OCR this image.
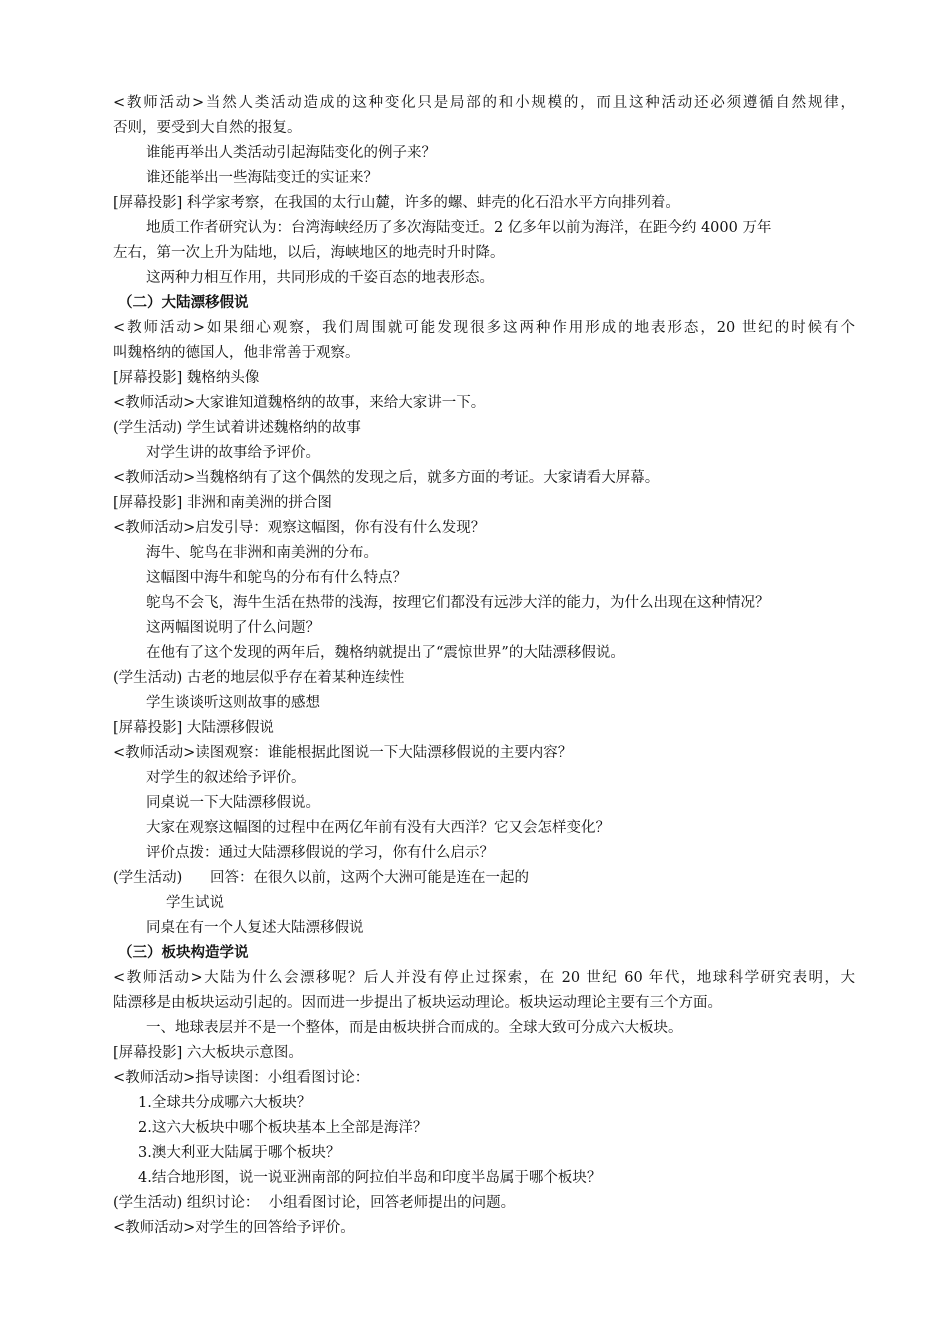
<教师活动>当然人类活动造成的这种变化只是局部的和小规模的，而且这种活动还必须遵循自然规律，
否则，要受到大自然的报复。
谁能再举出人类活动引起海陆变化的例子来？
谁还能举出一些海陆变迁的实证来？
[屏幕投影] 科学家考察，在我国的太行山麓，许多的螺、蚌壳的化石沿水平方向排列着。
地质工作者研究认为：台湾海峡经历了多次海陆变迁。2 亿多年以前为海洋，在距今约 4000 万年
左右，第一次上升为陆地，以后，海峡地区的地壳时升时降。
这两种力相互作用，共同形成的千姿百态的地表形态。
（二）大陆漂移假说
<教师活动>如果细心观察，我们周围就可能发现很多这两种作用形成的地表形态，20 世纪的时候有个
叫魏格纳的德国人，他非常善于观察。
[屏幕投影] 魏格纳头像
<教师活动>大家谁知道魏格纳的故事，来给大家讲一下。
(学生活动) 学生试着讲述魏格纳的故事
对学生讲的故事给予评价。
<教师活动>当魏格纳有了这个偶然的发现之后，就多方面的考证。大家请看大屏幕。
[屏幕投影] 非洲和南美洲的拼合图
<教师活动>启发引导：观察这幅图，你有没有什么发现？
海牛、鸵鸟在非洲和南美洲的分布。
这幅图中海牛和鸵鸟的分布有什么特点？
鸵鸟不会飞，海牛生活在热带的浅海，按理它们都没有远涉大洋的能力，为什么出现在这种情况？
这两幅图说明了什么问题？
在他有了这个发现的两年后，魏格纳就提出了“震惊世界”的大陆漂移假说。
(学生活动) 古老的地层似乎存在着某种连续性
学生谈谈听这则故事的感想
[屏幕投影] 大陆漂移假说
<教师活动>读图观察：谁能根据此图说一下大陆漂移假说的主要内容？
对学生的叙述给予评价。
同桌说一下大陆漂移假说。
大家在观察这幅图的过程中在两亿年前有没有大西洋？它又会怎样变化？
评价点拨：通过大陆漂移假说的学习，你有什么启示？
(学生活动)      回答：在很久以前，这两个大洲可能是连在一起的
学生试说
同桌在有一个人复述大陆漂移假说
（三）板块构造学说
<教师活动>大陆为什么会漂移呢？后人并没有停止过探索，在 20 世纪 60 年代，地球科学研究表明，大
陆漂移是由板块运动引起的。因而进一步提出了板块运动理论。板块运动理论主要有三个方面。
一、地球表层并不是一个整体，而是由板块拼合而成的。全球大致可分成六大板块。
[屏幕投影] 六大板块示意图。
<教师活动>指导读图：小组看图讨论：
1.全球共分成哪六大板块？
2.这六大板块中哪个板块基本上全部是海洋？
3.澳大利亚大陆属于哪个板块？
4.结合地形图，说一说亚洲南部的阿拉伯半岛和印度半岛属于哪个板块？
(学生活动) 组织讨论：  小组看图讨论，回答老师提出的问题。
<教师活动>对学生的回答给予评价。
